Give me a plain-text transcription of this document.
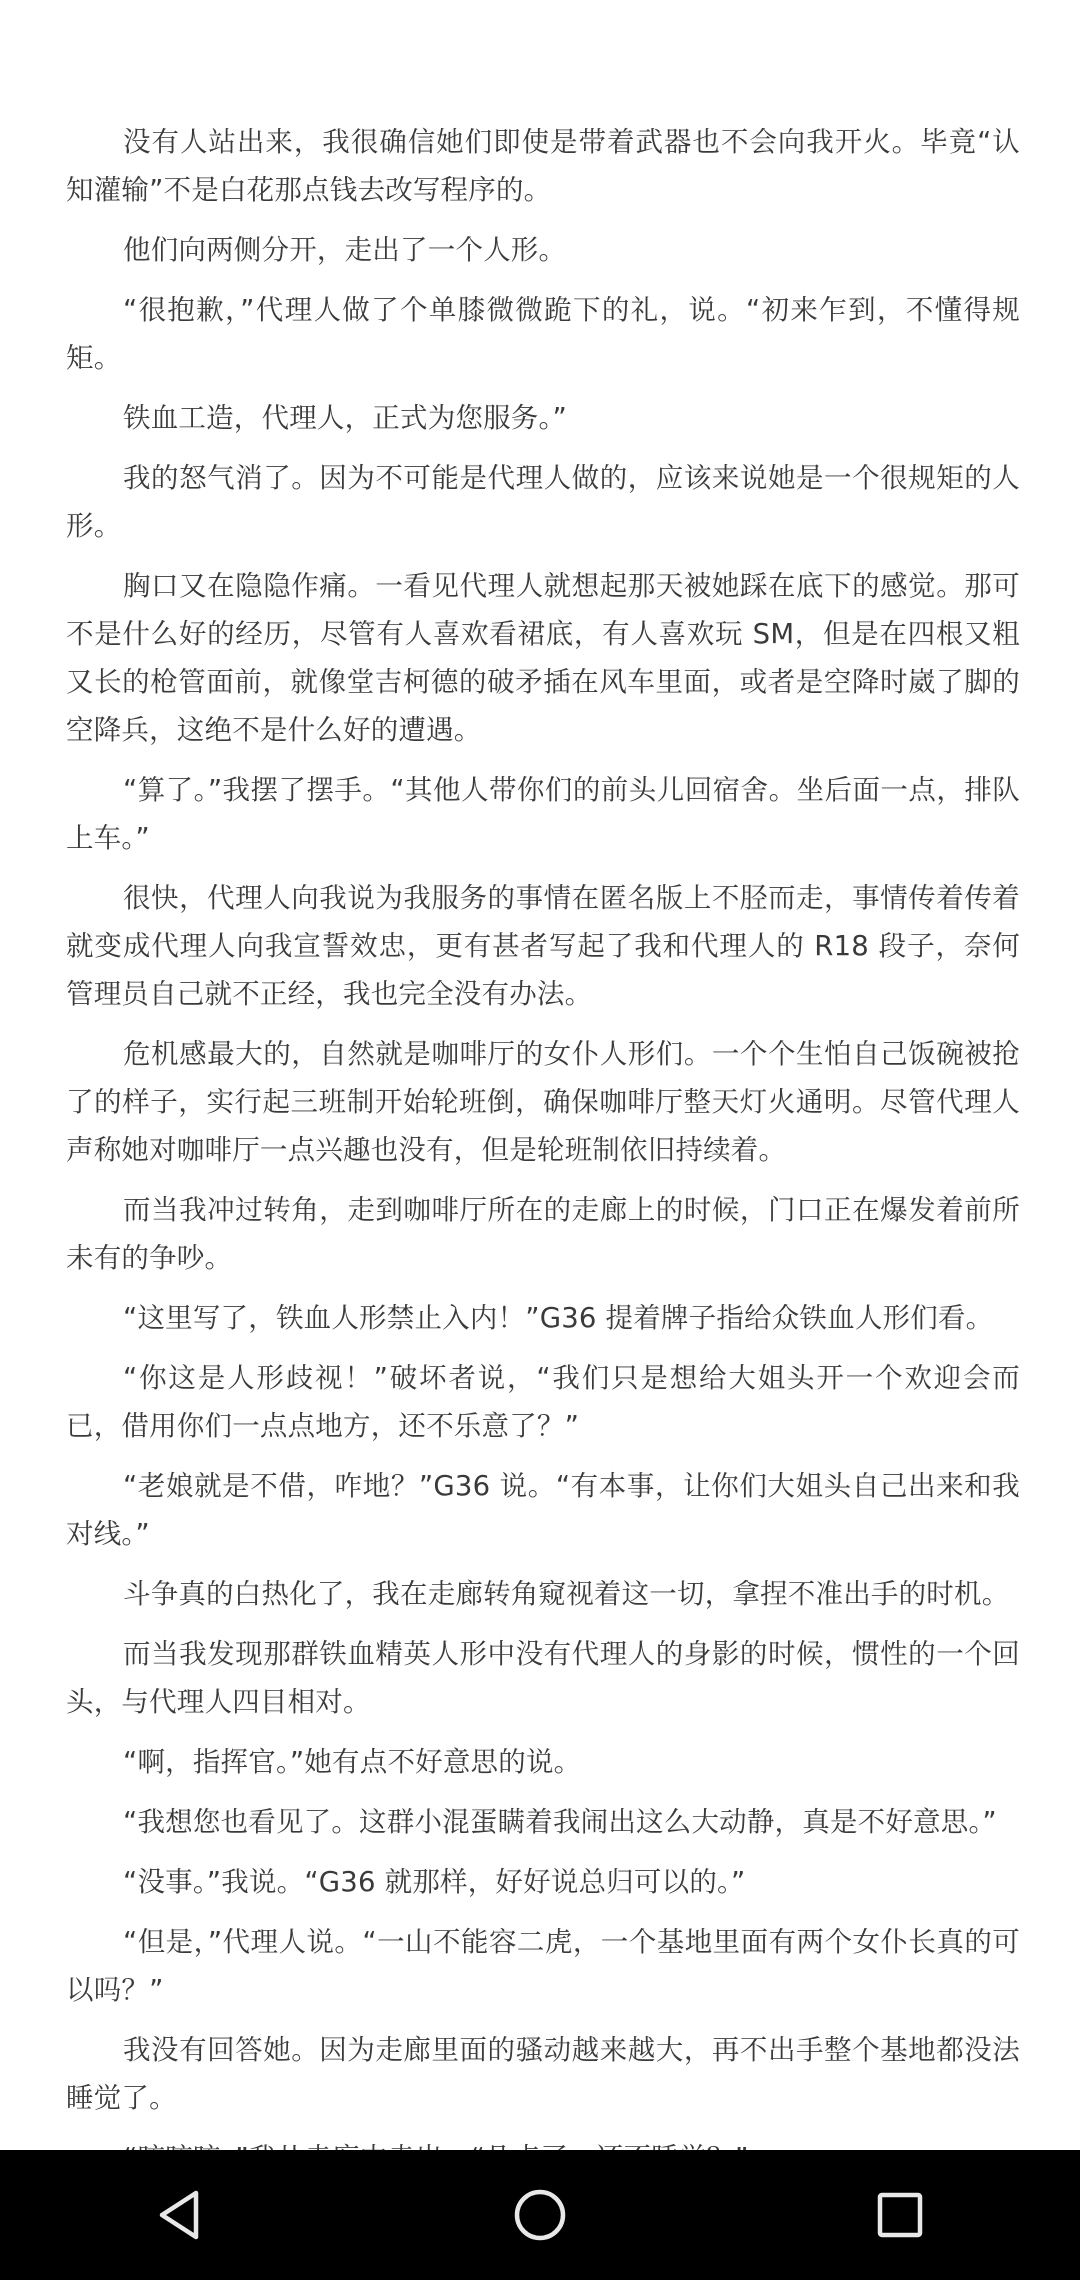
没有人站出来，我很确信她们即使是带着武器也不会向我开火。毕竟“认知灌输”不是白花那点钱去改写程序的。

他们向两侧分开，走出了一个人形。

“很抱歉，”代理人做了个单膝微微跪下的礼，说。“初来乍到，不懂得规矩。

铁血工造，代理人，正式为您服务。”

我的怒气消了。因为不可能是代理人做的，应该来说她是一个很规矩的人形。

胸口又在隐隐作痛。一看见代理人就想起那天被她踩在底下的感觉。那可不是什么好的经历，尽管有人喜欢看裙底，有人喜欢玩 SM，但是在四根又粗又长的枪管面前，就像堂吉柯德的破矛插在风车里面，或者是空降时崴了脚的空降兵，这绝不是什么好的遭遇。

“算了。”我摆了摆手。“其他人带你们的前头儿回宿舍。坐后面一点，排队上车。”

很快，代理人向我说为我服务的事情在匿名版上不胫而走，事情传着传着就变成代理人向我宣誓效忠，更有甚者写起了我和代理人的 R18 段子，奈何管理员自己就不正经，我也完全没有办法。

危机感最大的，自然就是咖啡厅的女仆人形们。一个个生怕自己饭碗被抢了的样子，实行起三班制开始轮班倒，确保咖啡厅整天灯火通明。尽管代理人声称她对咖啡厅一点兴趣也没有，但是轮班制依旧持续着。

而当我冲过转角，走到咖啡厅所在的走廊上的时候，门口正在爆发着前所未有的争吵。

“这里写了，铁血人形禁止入内！”G36 提着牌子指给众铁血人形们看。

“你这是人形歧视！”破坏者说，“我们只是想给大姐头开一个欢迎会而已，借用你们一点点地方，还不乐意了？”

“老娘就是不借，咋地？”G36 说。“有本事，让你们大姐头自己出来和我对线。”

斗争真的白热化了，我在走廊转角窥视着这一切，拿捏不准出手的时机。

而当我发现那群铁血精英人形中没有代理人的身影的时候，惯性的一个回头，与代理人四目相对。

“啊，指挥官。”她有点不好意思的说。

“我想您也看见了。这群小混蛋瞒着我闹出这么大动静，真是不好意思。”

“没事。”我说。“G36 就那样，好好说总归可以的。”

“但是，”代理人说。“一山不能容二虎，一个基地里面有两个女仆长真的可以吗？”

我没有回答她。因为走廊里面的骚动越来越大，再不出手整个基地都没法睡觉了。
